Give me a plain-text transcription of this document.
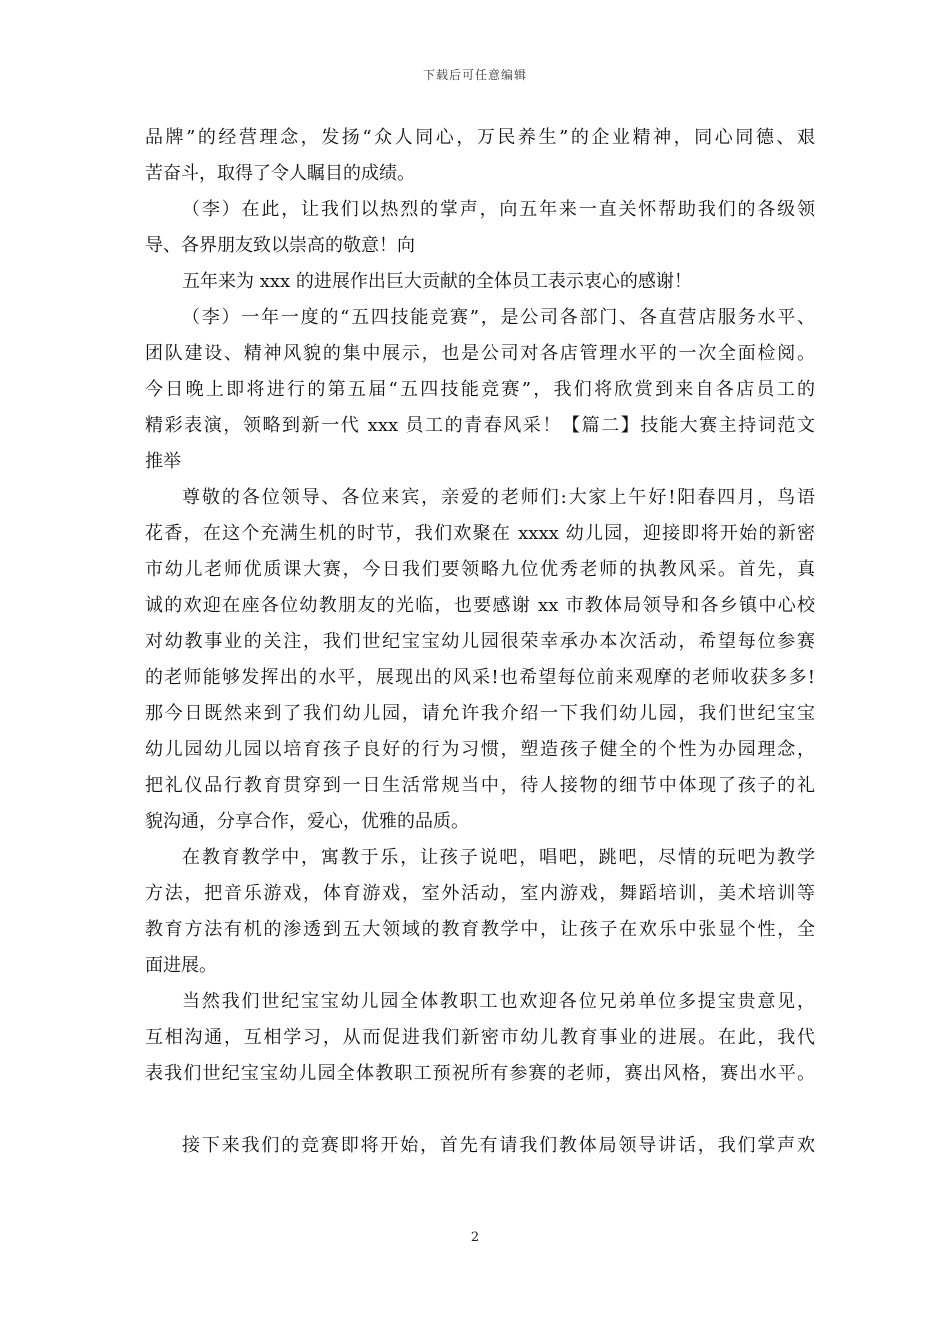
下载后可任意编辑
品牌”的经营理念，发扬“众人同心，万民养生”的企业精神，同心同德、艰
苦奋斗，取得了令人瞩目的成绩。
（李）在此，让我们以热烈的掌声，向五年来一直关怀帮助我们的各级领
导、各界朋友致以崇高的敬意！向
五年来为 xxx 的进展作出巨大贡献的全体员工表示衷心的感谢！
（李）一年一度的“五四技能竞赛”，是公司各部门、各直营店服务水平、
团队建设、精神风貌的集中展示，也是公司对各店管理水平的一次全面检阅。
今日晚上即将进行的第五届“五四技能竞赛”，我们将欣赏到来自各店员工的
精彩表演，领略到新一代 xxx 员工的青春风采！【篇二】技能大赛主持词范文
推举
尊敬的各位领导、各位来宾，亲爱的老师们:大家上午好!阳春四月，鸟语
花香，在这个充满生机的时节，我们欢聚在 xxxx 幼儿园，迎接即将开始的新密
市幼儿老师优质课大赛，今日我们要领略九位优秀老师的执教风采。首先，真
诚的欢迎在座各位幼教朋友的光临，也要感谢 xx 市教体局领导和各乡镇中心校
对幼教事业的关注，我们世纪宝宝幼儿园很荣幸承办本次活动，希望每位参赛
的老师能够发挥出的水平，展现出的风采!也希望每位前来观摩的老师收获多多!
那今日既然来到了我们幼儿园，请允许我介绍一下我们幼儿园，我们世纪宝宝
幼儿园幼儿园以培育孩子良好的行为习惯，塑造孩子健全的个性为办园理念，
把礼仪品行教育贯穿到一日生活常规当中，待人接物的细节中体现了孩子的礼
貌沟通，分享合作，爱心，优雅的品质。
在教育教学中，寓教于乐，让孩子说吧，唱吧，跳吧，尽情的玩吧为教学
方法，把音乐游戏，体育游戏，室外活动，室内游戏，舞蹈培训，美术培训等
教育方法有机的渗透到五大领域的教育教学中，让孩子在欢乐中张显个性，全
面进展。
当然我们世纪宝宝幼儿园全体教职工也欢迎各位兄弟单位多提宝贵意见，
互相沟通，互相学习，从而促进我们新密市幼儿教育事业的进展。在此，我代
表我们世纪宝宝幼儿园全体教职工预祝所有参赛的老师，赛出风格，赛出水平。
接下来我们的竞赛即将开始，首先有请我们教体局领导讲话，我们掌声欢
2
